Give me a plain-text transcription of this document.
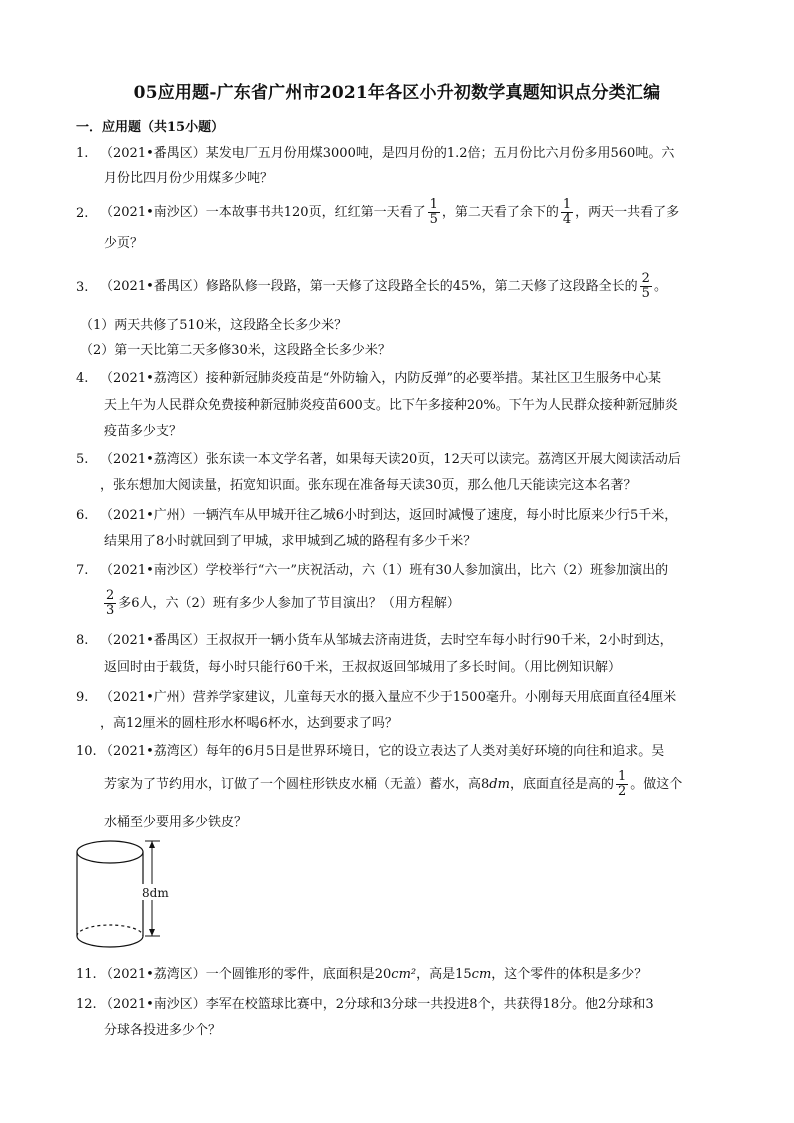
05应用题-广东省广州市2021年各区小升初数学真题知识点分类汇编
一．应用题（共15小题）
1. （2021•番禺区）某发电厂五月份用煤3000吨，是四月份的1.2倍；五月份比六月份多用560吨。六
月份比四月份少用煤多少吨？
2. （2021•南沙区）一本故事书共120页，红红第一天看了 $\frac{1}{5}$ ，第二天看了余下的 $\frac{1}{4}$ ，两天一共看了多
少页？
3. （2021•番禺区）修路队修一段路，第一天修了这段路全长的45%，第二天修了这段路全长的 $\frac{2}{5}$ 。
（1）两天共修了510米，这段路全长多少米？
（2）第一天比第二天多修30米，这段路全长多少米？
4. （2021•荔湾区）接种新冠肺炎疫苗是“外防输入，内防反弹”的必要举措。某社区卫生服务中心某
天上午为人民群众免费接种新冠肺炎疫苗600支。比下午多接种20%。下午为人民群众接种新冠肺炎
疫苗多少支？
5. （2021•荔湾区）张东读一本文学名著，如果每天读20页，12天可以读完。荔湾区开展大阅读活动后
，张东想加大阅读量，拓宽知识面。张东现在准备每天读30页，那么他几天能读完这本名著？
6. （2021•广州）一辆汽车从甲城开往乙城6小时到达，返回时减慢了速度，每小时比原来少行5千米，
结果用了8小时就回到了甲城，求甲城到乙城的路程有多少千米？
7. （2021•南沙区）学校举行“六一”庆祝活动，六（1）班有30人参加演出，比六（2）班参加演出的
$\frac{2}{3}$ 多6人，六（2）班有多少人参加了节目演出？（用方程解）
8. （2021•番禺区）王叔叔开一辆小货车从邹城去济南进货，去时空车每小时行90千米，2小时到达，
返回时由于载货，每小时只能行60千米，王叔叔返回邹城用了多长时间。（用比例知识解）
9. （2021•广州）营养学家建议，儿童每天水的摄入量应不少于1500毫升。小刚每天用底面直径4厘米
，高12厘米的圆柱形水杯喝6杯水，达到要求了吗？
10. （2021•荔湾区）每年的6月5日是世界环境日，它的设立表达了人类对美好环境的向往和追求。吴
芳家为了节约用水，订做了一个圆柱形铁皮水桶（无盖）蓄水，高8dm，底面直径是高的 $\frac{1}{2}$ 。做这个
水桶至少要用多少铁皮？
8dm
11. （2021•荔湾区）一个圆锥形的零件，底面积是20cm²，高是15cm，这个零件的体积是多少？
12. （2021•南沙区）李军在校篮球比赛中，2分球和3分球一共投进8个，共获得18分。他2分球和3
分球各投进多少个？
